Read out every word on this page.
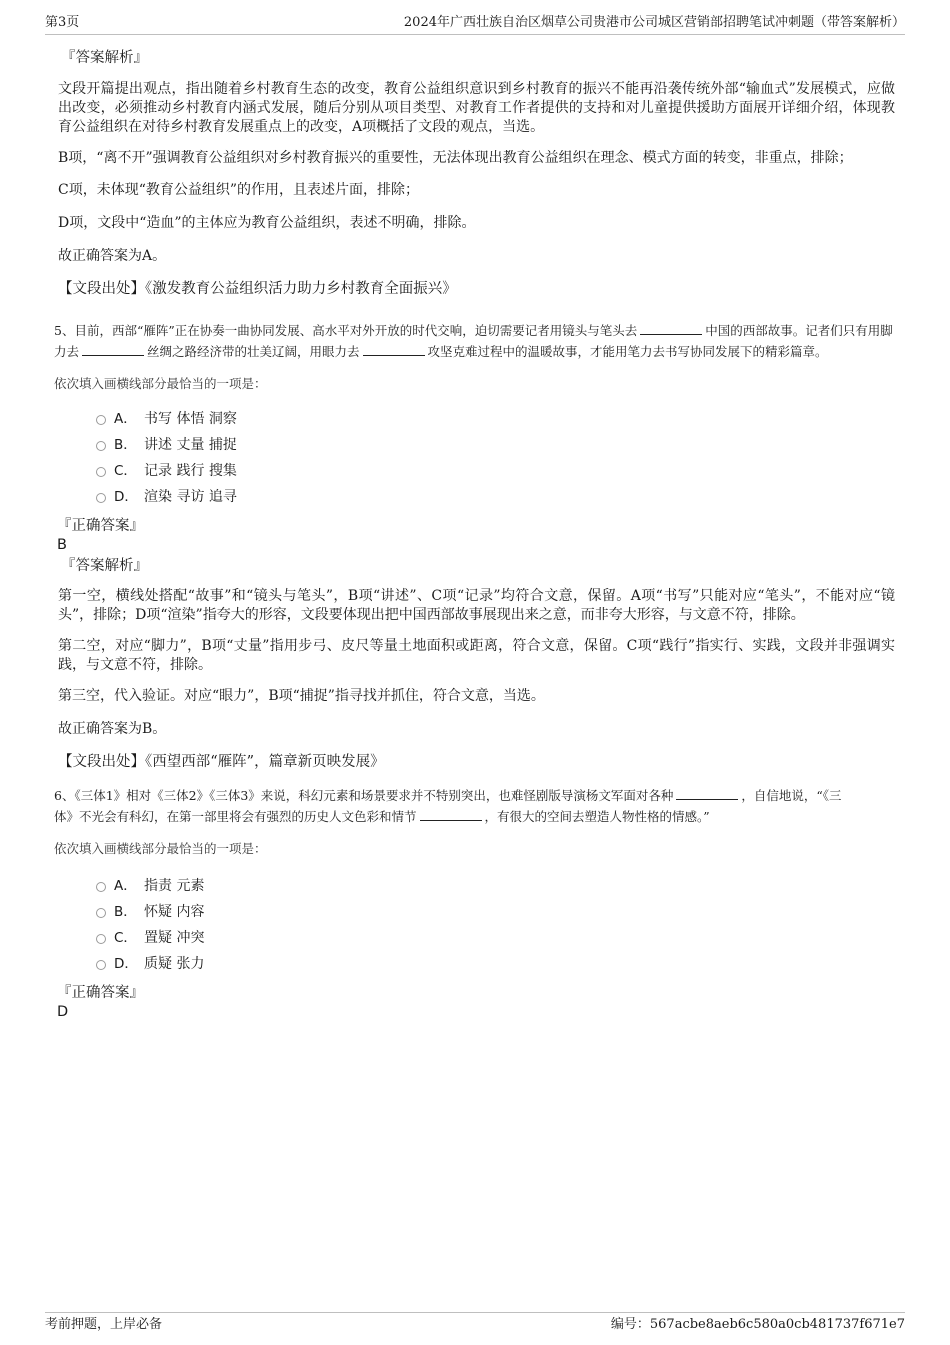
第3页	2024年广西壮族自治区烟草公司贵港市公司城区营销部招聘笔试冲刺题（带答案解析）

『答案解析』

文段开篇提出观点，指出随着乡村教育生态的改变，教育公益组织意识到乡村教育的振兴不能再沿袭传统外部“输血式”发展模式，应做出改变，必须推动乡村教育内涵式发展，随后分别从项目类型、对教育工作者提供的支持和对儿童提供援助方面展开详细介绍，体现教育公益组织在对待乡村教育发展重点上的改变，A项概括了文段的观点，当选。

B项，“离不开”强调教育公益组织对乡村教育振兴的重要性，无法体现出教育公益组织在理念、模式方面的转变，非重点，排除；

C项，未体现“教育公益组织”的作用，且表述片面，排除；

D项，文段中“造血”的主体应为教育公益组织，表述不明确，排除。

故正确答案为A。

【文段出处】《激发教育公益组织活力助力乡村教育全面振兴》

5、目前，西部“雁阵”正在协奏一曲协同发展、高水平对外开放的时代交响，迫切需要记者用镜头与笔头去	中国的西部故事。记者们只有用脚力去	丝绸之路经济带的壮美辽阔，用眼力去	攻坚克难过程中的温暖故事，才能用笔力去书写协同发展下的精彩篇章。

依次填入画横线部分最恰当的一项是：

A． 书写 体悟 洞察
B． 讲述 丈量 捕捉
C． 记录 践行 搜集
D． 渲染 寻访 追寻

『正确答案』

B

『答案解析』

第一空，横线处搭配“故事”和“镜头与笔头”，B项“讲述”、C项“记录”均符合文意，保留。A项“书写”只能对应“笔头”，不能对应“镜头”，排除；D项“渲染”指夸大的形容，文段要体现出把中国西部故事展现出来之意，而非夸大形容，与文意不符，排除。

第二空，对应“脚力”，B项“丈量”指用步弓、皮尺等量土地面积或距离，符合文意，保留。C项“践行”指实行、实践，文段并非强调实践，与文意不符，排除。

第三空，代入验证。对应“眼力”，B项“捕捉”指寻找并抓住，符合文意，当选。

故正确答案为B。

【文段出处】《西望西部“雁阵”，篇章新页映发展》

6、《三体1》相对《三体2》《三体3》来说，科幻元素和场景要求并不特别突出，也难怪剧版导演杨文军面对各种	，自信地说，“《三体》不光会有科幻，在第一部里将会有强烈的历史人文色彩和情节	，有很大的空间去塑造人物性格的情感。”

依次填入画横线部分最恰当的一项是：

A． 指责 元素
B． 怀疑 内容
C． 置疑 冲突
D． 质疑 张力

『正确答案』

D

考前押题，上岸必备	编号：567acbe8aeb6c580a0cb481737f671e7
